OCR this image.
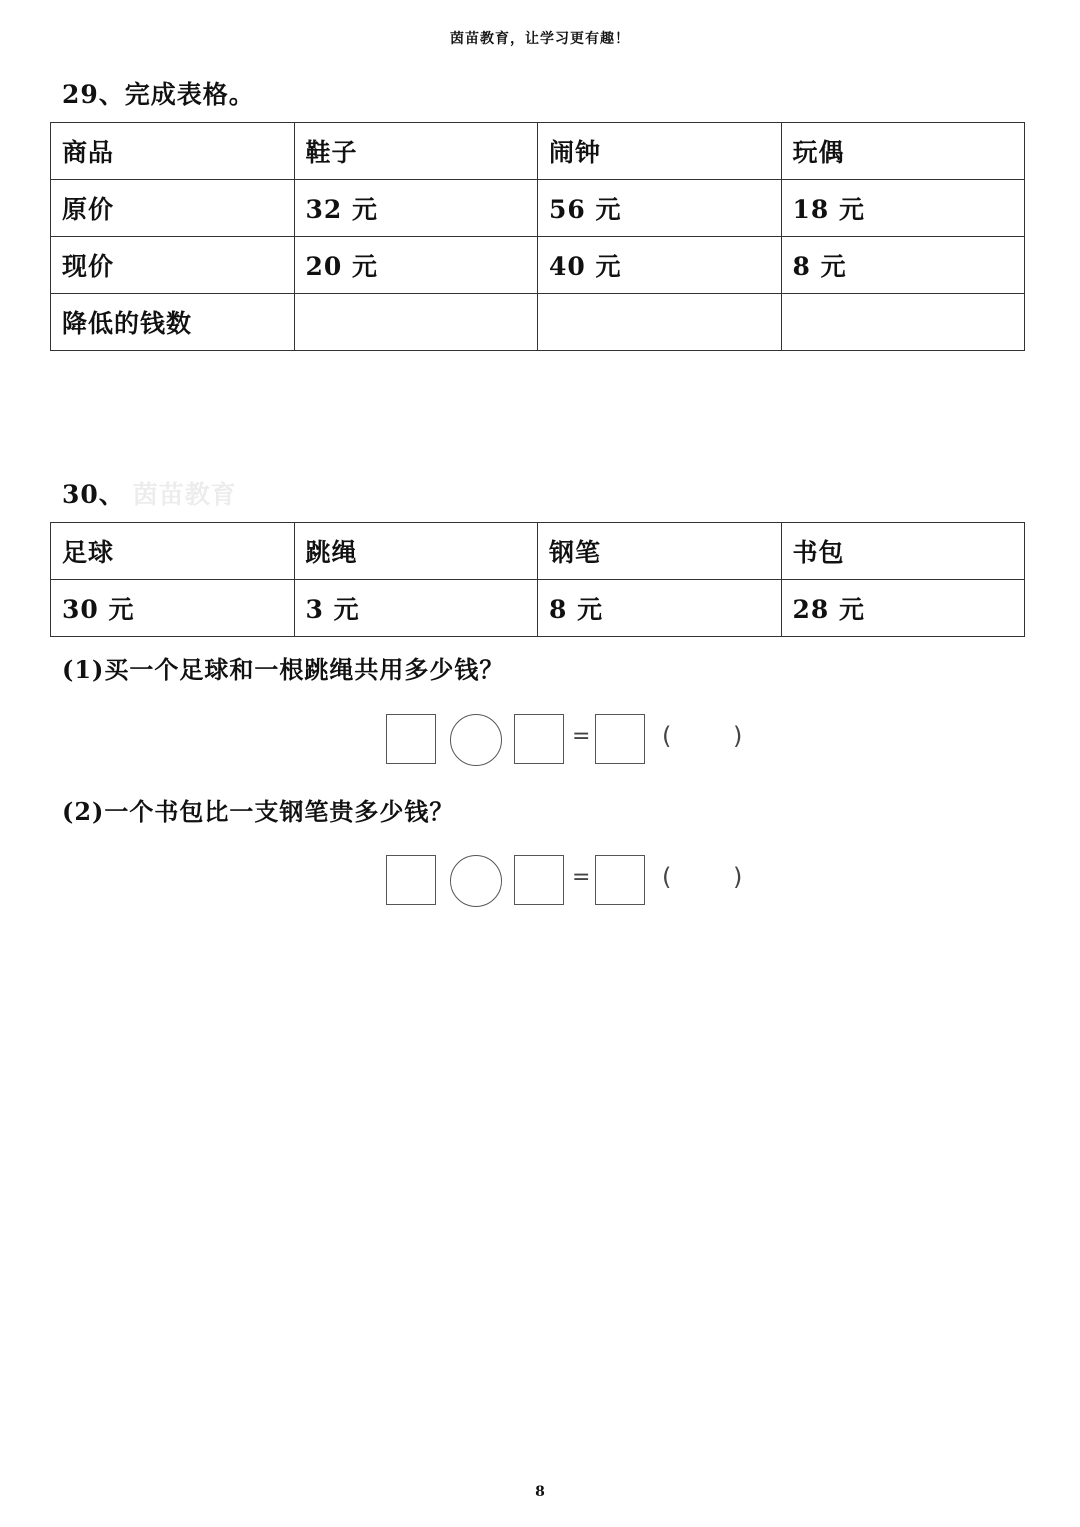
茵苗教育，让学习更有趣！
29、完成表格。
商品	鞋子	闹钟	玩偶
原价	32 元	56 元	18 元
现价	20 元	40 元	8 元
降低的钱数			
30、 茵苗教育
足球	跳绳	钢笔	书包
30 元	3 元	8 元	28 元
(1)买一个足球和一根跳绳共用多少钱？
=	(	)
(2)一个书包比一支钢笔贵多少钱？
=	(	)
8
